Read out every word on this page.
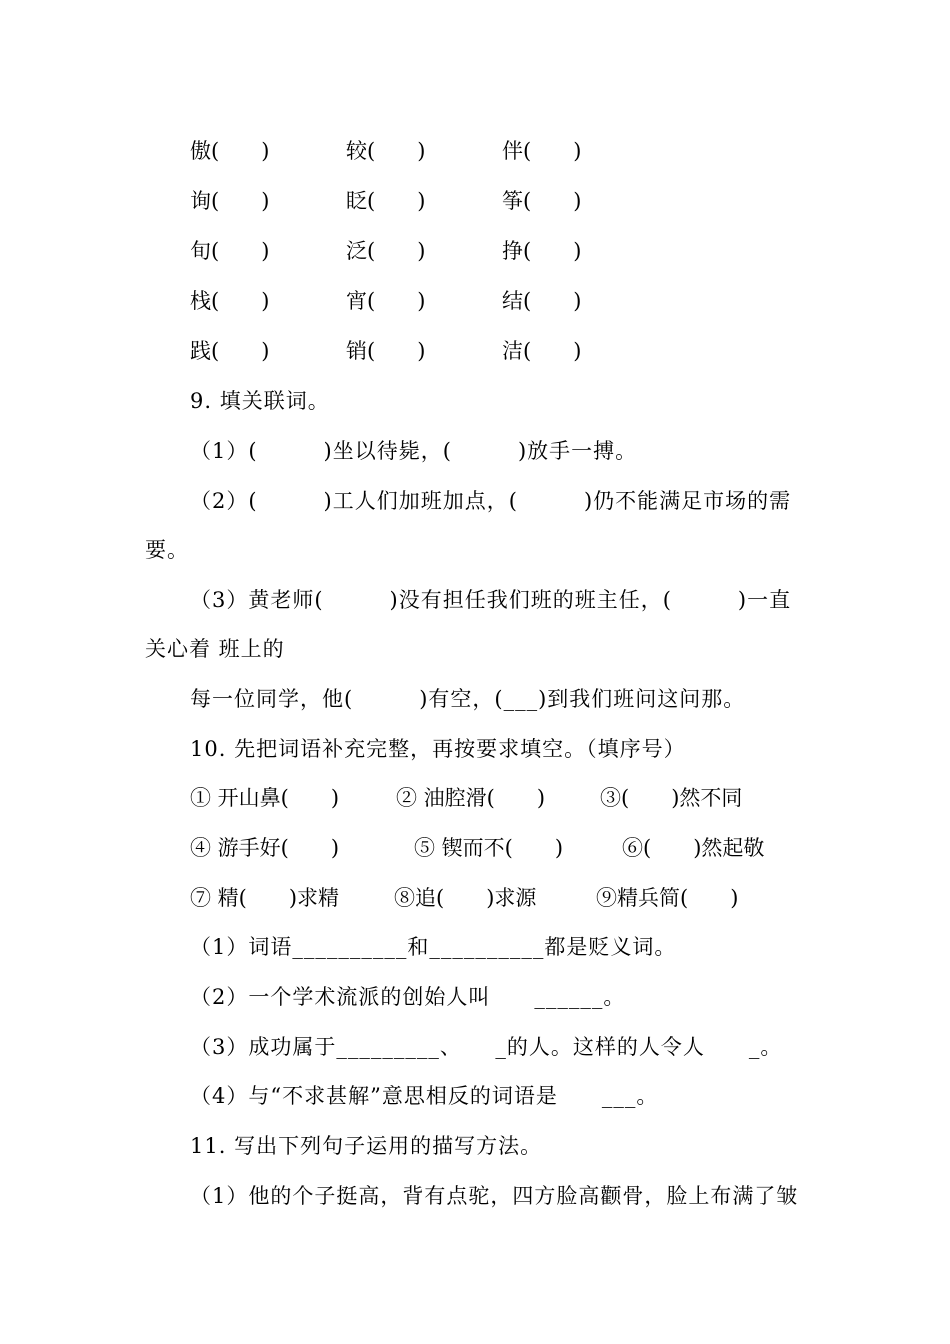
傲(　　)	较(　　)	伴(　　)
询(　　)	眨(　　)	筝(　　)
旬(　　)	泛(　　)	挣(　　)
栈(　　)	宵(　　)	结(　　)
践(　　)	销(　　)	洁(　　)
9. 填关联词。
（1）(　　　)坐以待毙，(　　　)放手一搏。
（2）(　　　)工人们加班加点，(　　　)仍不能满足市场的需
要。
（3）黄老师(　　　)没有担任我们班的班主任，(　　　)一直
关心着 班上的
每一位同学，他(　　　)有空，(___)到我们班问这问那。
10. 先把词语补充完整，再按要求填空。（填序号）
① 开山鼻(　　)	② 油腔滑(　　)	③(　　)然不同
④ 游手好(　　)	⑤ 锲而不(　　)	⑥(　　)然起敬
⑦ 精(　　)求精	⑧追(　　)求源	⑨精兵简(　　)
（1）词语__________和__________都是贬义词。
（2）一个学术流派的创始人叫　　______。
（3）成功属于_________、　　_的人。这样的人令人　　_。
（4）与“不求甚解”意思相反的词语是　　___。
11. 写出下列句子运用的描写方法。
（1）他的个子挺高，背有点驼，四方脸高颧骨，脸上布满了皱
